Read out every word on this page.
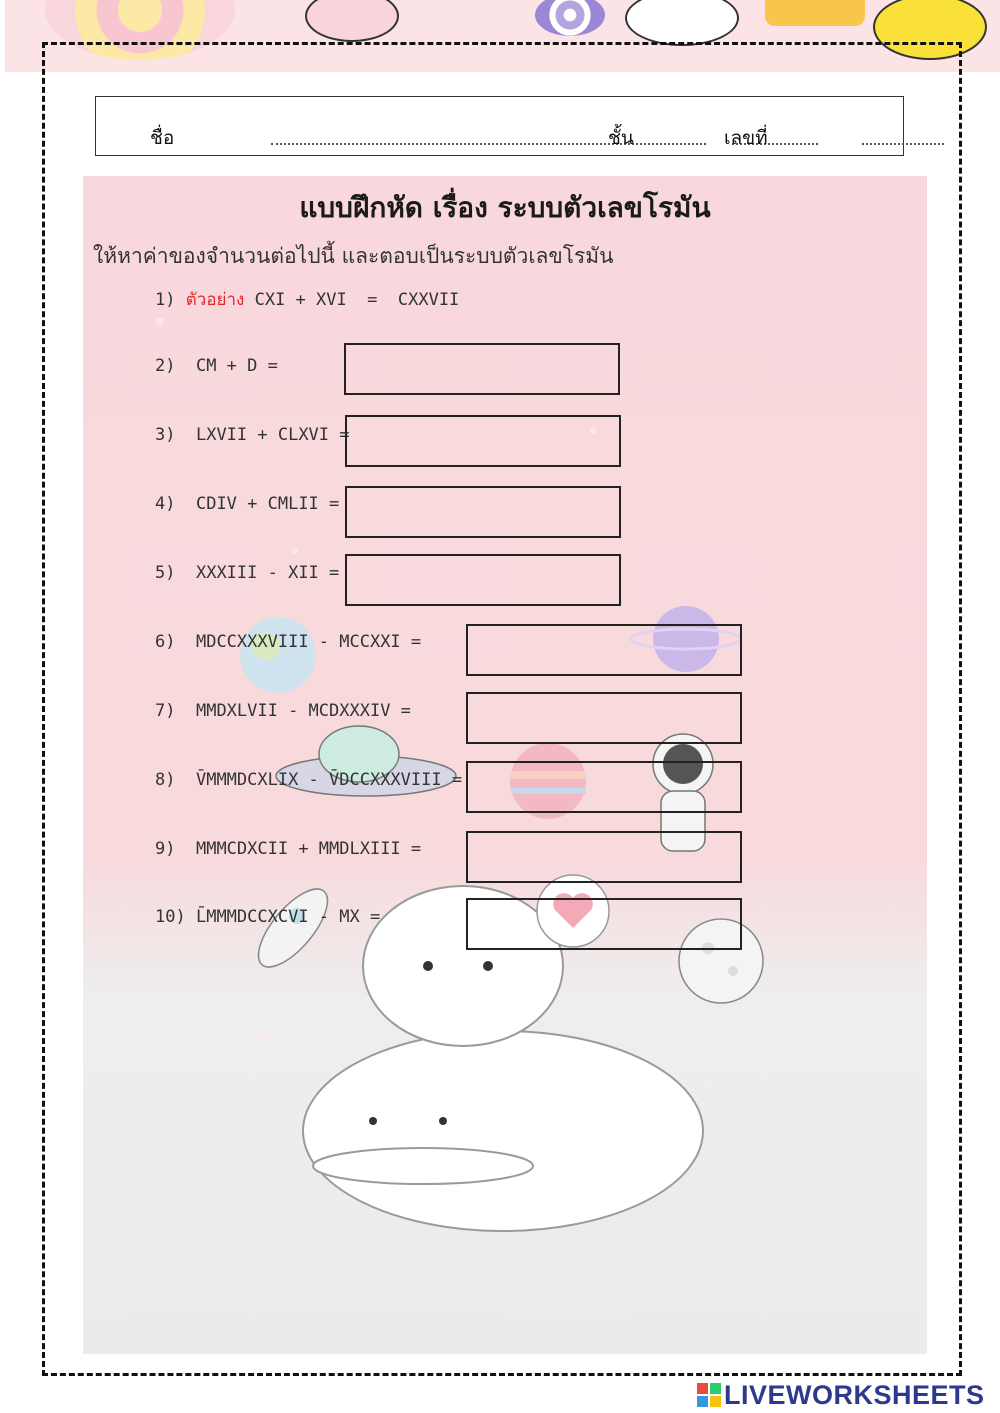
ชื่อ	ชั้น	เลขที่
แบบฝึกหัด เรื่อง ระบบตัวเลขโรมัน
ให้หาค่าของจำนวนต่อไปนี้ และตอบเป็นระบบตัวเลขโรมัน
1) ตัวอย่าง CXI + XVI  =  CXXVII
2) CM + D =
3) LXVII + CLXVI =
4) CDIV + CMLII =
5) XXXIII - XII =
6) MDCCXXXVIII - MCCXXI =
7) MMDXLVII - MCDXXXIV =
8) V̄MMMDCXLIX - V̄DCCXXXVIII =
9) MMMCDXCII + MMDLXIII =
10) L̄MMMDCCXCVI - MX =
LIVEWORKSHEETS
